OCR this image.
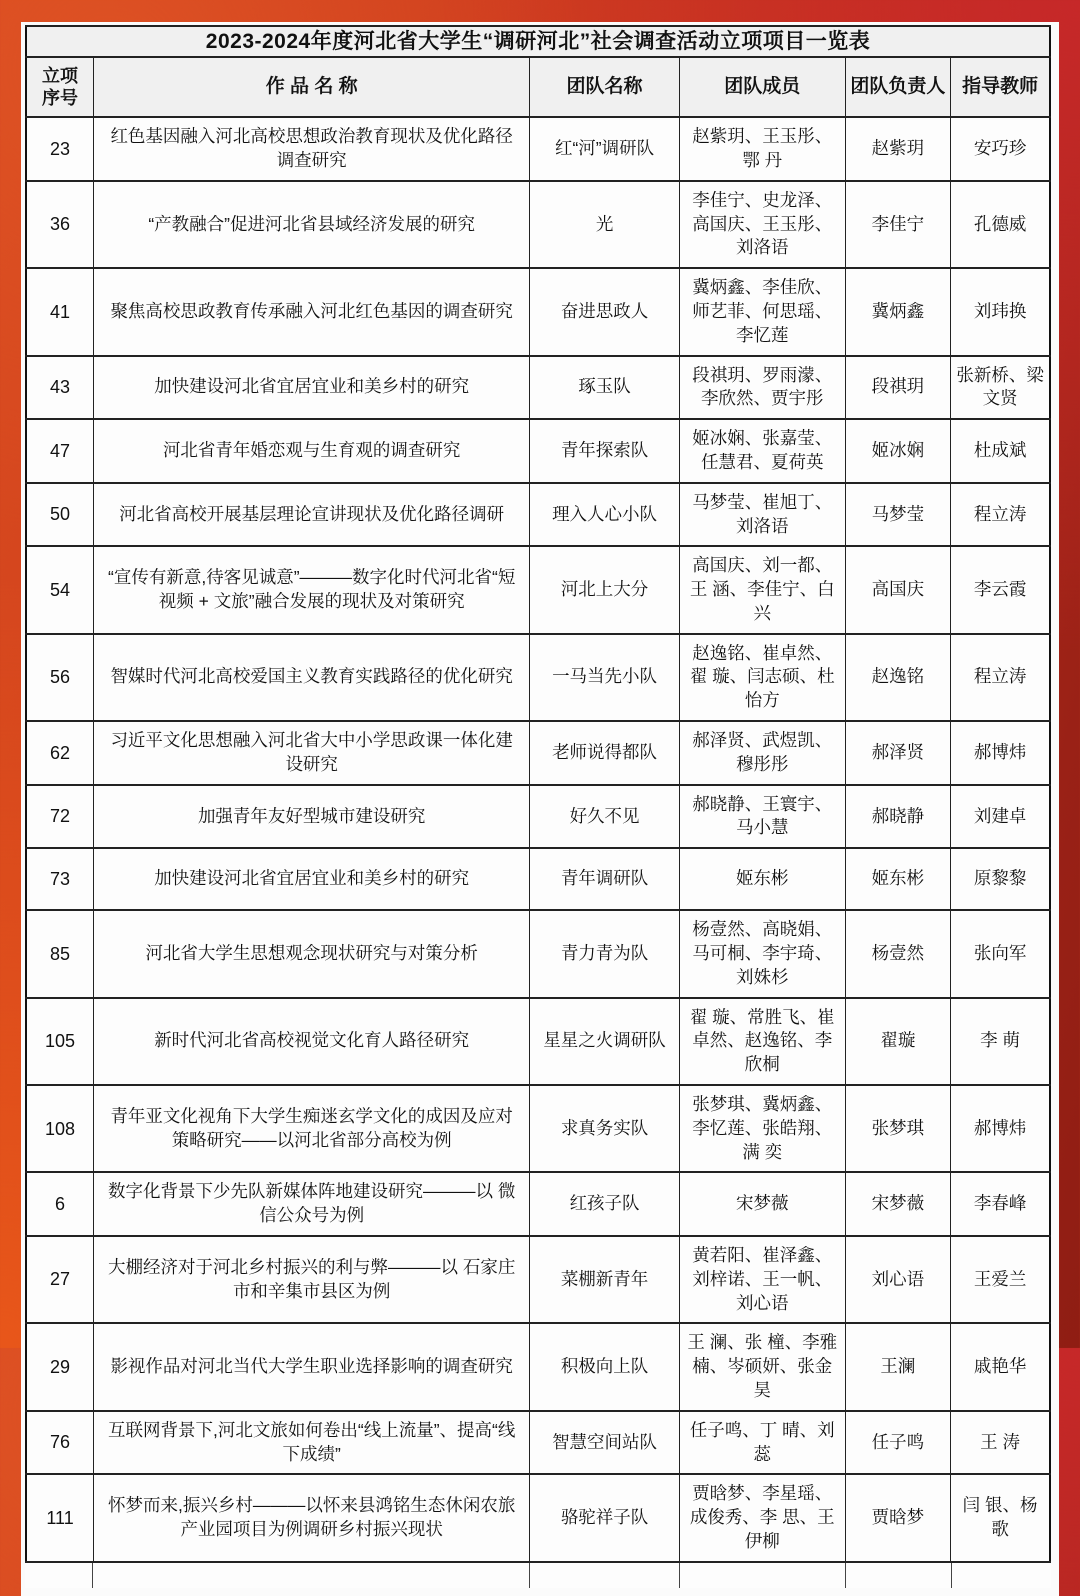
2023-2024年度河北省大学生“调研河北”社会调查活动立项项目一览表					
立项序号	作 品 名 称	团队名称	团队成员	团队负责人	指导教师
23	红色基因融入河北高校思想政治教育现状及优化路径调查研究	红“河”调研队	赵紫玥、王玉彤、鄂 丹	赵紫玥	安巧珍
36	“产教融合”促进河北省县域经济发展的研究	光	李佳宁、史龙泽、高国庆、王玉彤、刘洛语	李佳宁	孔德威
41	聚焦高校思政教育传承融入河北红色基因的调查研究	奋进思政人	冀炳鑫、李佳欣、师艺菲、何思瑶、李忆莲	冀炳鑫	刘玮换
43	加快建设河北省宜居宜业和美乡村的研究	琢玉队	段祺玥、罗雨濛、李欣然、贾宇彤	段祺玥	张新桥、梁文贤
47	河北省青年婚恋观与生育观的调查研究	青年探索队	姬冰娴、张嘉莹、任慧君、夏荷英	姬冰娴	杜成斌
50	河北省高校开展基层理论宣讲现状及优化路径调研	理入人心小队	马梦莹、崔旭丁、刘洛语	马梦莹	程立涛
54	“宣传有新意,待客见诚意”———数字化时代河北省“短视频 + 文旅”融合发展的现状及对策研究	河北上大分	高国庆、刘一都、王 涵、李佳宁、白兴	高国庆	李云霞
56	智媒时代河北高校爱国主义教育实践路径的优化研究	一马当先小队	赵逸铭、崔卓然、翟 璇、闫志硕、杜怡方	赵逸铭	程立涛
62	习近平文化思想融入河北省大中小学思政课一体化建设研究	老师说得都队	郝泽贤、武煜凯、穆彤彤	郝泽贤	郝博炜
72	加强青年友好型城市建设研究	好久不见	郝晓静、王寰宇、马小慧	郝晓静	刘建卓
73	加快建设河北省宜居宜业和美乡村的研究	青年调研队	姬东彬	姬东彬	原黎黎
85	河北省大学生思想观念现状研究与对策分析	青力青为队	杨壹然、高晓娟、马可桐、李宇琦、刘姝杉	杨壹然	张向军
105	新时代河北省高校视觉文化育人路径研究	星星之火调研队	翟 璇、常胜飞、崔卓然、赵逸铭、李欣桐	翟璇	李 萌
108	青年亚文化视角下大学生痴迷玄学文化的成因及应对策略研究——以河北省部分高校为例	求真务实队	张梦琪、冀炳鑫、李忆莲、张皓翔、满 奕	张梦琪	郝博炜
6	数字化背景下少先队新媒体阵地建设研究———以 微信公众号为例	红孩子队	宋梦薇	宋梦薇	李春峰
27	大棚经济对于河北乡村振兴的利与弊———以 石家庄市和辛集市县区为例	菜棚新青年	黄若阳、崔泽鑫、刘梓诺、王一帆、刘心语	刘心语	王爱兰
29	影视作品对河北当代大学生职业选择影响的调查研究	积极向上队	王 澜、张 橦、李雅楠、岑硕妍、张金昊	王澜	戚艳华
76	互联网背景下,河北文旅如何卷出“线上流量”、提高“线下成绩”	智慧空间站队	任子鸣、丁 晴、刘蕊	任子鸣	王 涛
111	怀梦而来,振兴乡村———以怀来县鸿铭生态休闲农旅产业园项目为例调研乡村振兴现状	骆驼祥子队	贾晗梦、李星瑶、成俊秀、李 思、王伊柳	贾晗梦	闫 银、杨歌
